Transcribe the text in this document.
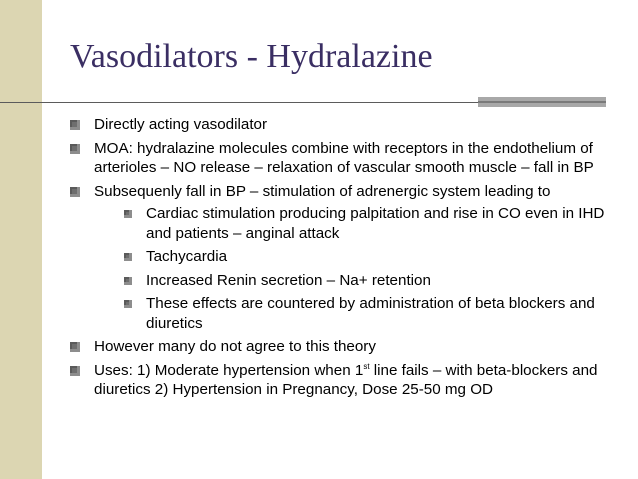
Vasodilators - Hydralazine
Directly acting vasodilator
MOA: hydralazine molecules combine with receptors in the endothelium of arterioles – NO release – relaxation of vascular smooth muscle – fall in BP
Subsequenly fall in BP – stimulation of adrenergic system leading to
Cardiac stimulation producing palpitation and rise in CO even in IHD and patients – anginal attack
Tachycardia
Increased Renin secretion – Na+ retention
These effects are countered by administration of beta blockers and diuretics
However many do not agree to this theory
Uses: 1) Moderate hypertension when 1st line fails – with beta-blockers and diuretics 2) Hypertension in Pregnancy, Dose 25-50 mg OD
